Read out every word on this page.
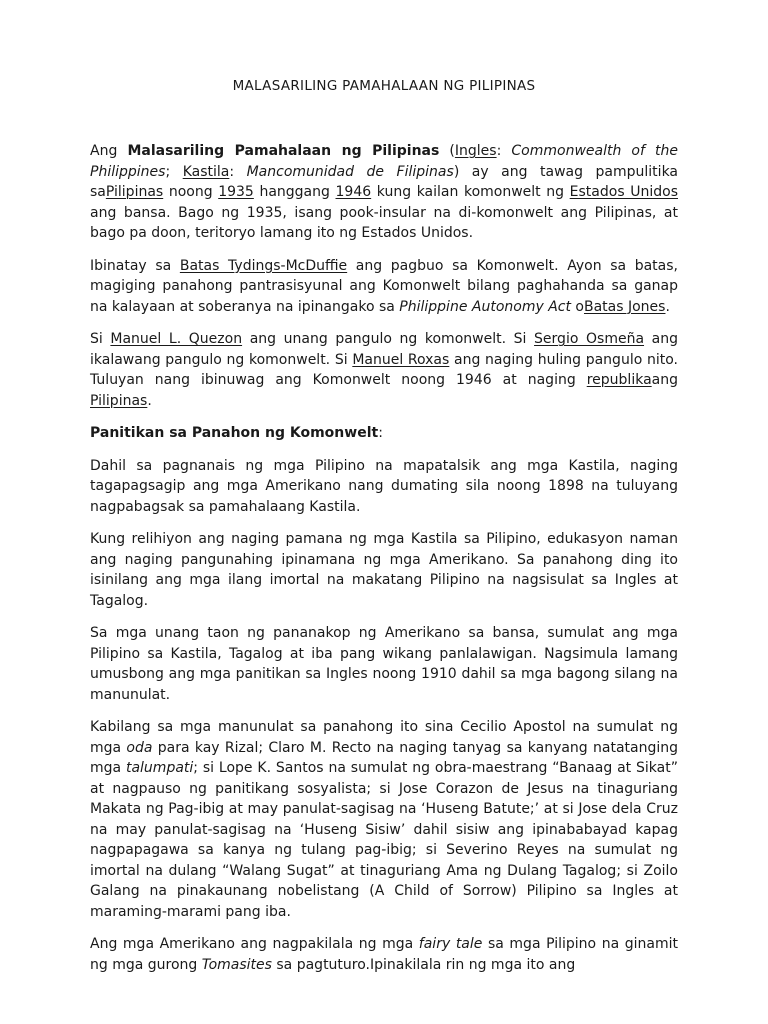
MALASARILING PAMAHALAAN NG PILIPINAS

Ang Malasariling Pamahalaan ng Pilipinas (Ingles: Commonwealth of the Philippines; Kastila: Mancomunidad de Filipinas) ay ang tawag pampulitika saPilipinas noong 1935 hanggang 1946 kung kailan komonwelt ng Estados Unidos ang bansa. Bago ng 1935, isang pook-insular na di-komonwelt ang Pilipinas, at bago pa doon, teritoryo lamang ito ng Estados Unidos.

Ibinatay sa Batas Tydings-McDuffie ang pagbuo sa Komonwelt. Ayon sa batas, magiging panahong pantrasisyunal ang Komonwelt bilang paghahanda sa ganap na kalayaan at soberanya na ipinangako sa Philippine Autonomy Act oBatas Jones.

Si Manuel L. Quezon ang unang pangulo ng komonwelt. Si Sergio Osmeña ang ikalawang pangulo ng komonwelt. Si Manuel Roxas ang naging huling pangulo nito. Tuluyan nang ibinuwag ang Komonwelt noong 1946 at naging republikaang Pilipinas.

Panitikan sa Panahon ng Komonwelt:

Dahil sa pagnanais ng mga Pilipino na mapatalsik ang mga Kastila, naging tagapagsagip ang mga Amerikano nang dumating sila noong 1898 na tuluyang nagpabagsak sa pamahalaang Kastila.

Kung relihiyon ang naging pamana ng mga Kastila sa Pilipino, edukasyon naman ang naging pangunahing ipinamana ng mga Amerikano. Sa panahong ding ito isinilang ang mga ilang imortal na makatang Pilipino na nagsisulat sa Ingles at Tagalog.

Sa mga unang taon ng pananakop ng Amerikano sa bansa, sumulat ang mga Pilipino sa Kastila, Tagalog at iba pang wikang panlalawigan. Nagsimula lamang umusbong ang mga panitikan sa Ingles noong 1910 dahil sa mga bagong silang na manunulat.

Kabilang sa mga manunulat sa panahong ito sina Cecilio Apostol na sumulat ng mga oda para kay Rizal; Claro M. Recto na naging tanyag sa kanyang natatanging mga talumpati; si Lope K. Santos na sumulat ng obra-maestrang “Banaag at Sikat” at nagpauso ng panitikang sosyalista; si Jose Corazon de Jesus na tinaguriang Makata ng Pag-ibig at may panulat-sagisag na ‘Huseng Batute;’ at si Jose dela Cruz na may panulat-sagisag na ‘Huseng Sisiw’ dahil sisiw ang ipinababayad kapag nagpapagawa sa kanya ng tulang pag-ibig; si Severino Reyes na sumulat ng imortal na dulang “Walang Sugat” at tinaguriang Ama ng Dulang Tagalog; si Zoilo Galang na pinakaunang nobelistang (A Child of Sorrow) Pilipino sa Ingles at maraming-marami pang iba.

Ang mga Amerikano ang nagpakilala ng mga fairy tale sa mga Pilipino na ginamit ng mga gurong Tomasites sa pagtuturo.Ipinakilala rin ng mga ito ang
